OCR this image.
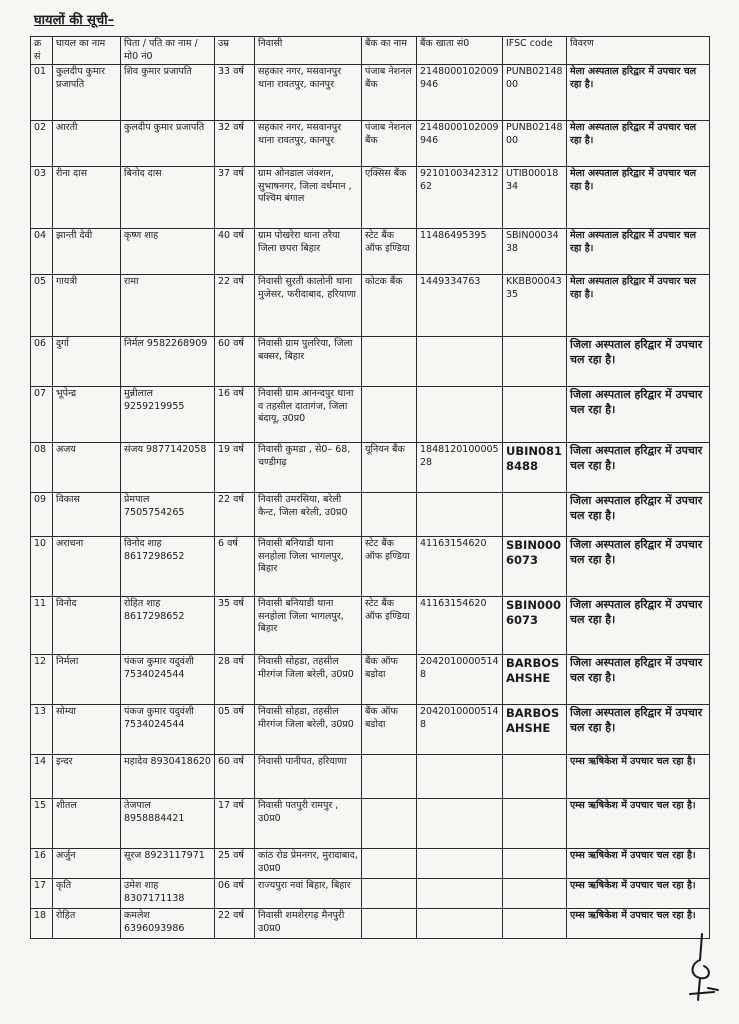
घायलों की सूची–
क्र सं	घायल का नाम	पिता / पति का नाम / मो0 नं0	उम्र	निवासी	बैंक का नाम	बैंक खाता सं0	IFSC code	विवरण
01	कुलदीप कुमार प्रजापति	शिव कुमार प्रजापति	33 वर्ष	सहकार नगर, मसवानपुर थाना रावतपुर, कानपुर	पंजाब नेशनल बैंक	2148000102009946	PUNB0214800	मेला अस्पताल हरिद्वार में उपचार चल रहा है।
02	आरती	कुलदीप कुमार प्रजापति	32 वर्ष	सहकार नगर, मसवानपुर थाना रावतपुर, कानपुर	पंजाब नेशनल बैंक	2148000102009946	PUNB0214800	मेला अस्पताल हरिद्वार में उपचार चल रहा है।
03	रीना दास	बिनोद दास	37 वर्ष	ग्राम ओनडाल जंक्शन, सुभाषनगर, जिला वर्धमान , पश्चिम बंगाल	एक्सिस बैंक	921010034231262	UTIB0001834	मेला अस्पताल हरिद्वार में उपचार चल रहा है।
04	झान्ती देवी	कृष्ण शाह	40 वर्ष	ग्राम पोखरेरा थाना तरैया जिला छपरा बिहार	स्टेट बैंक ऑफ इण्डिया	11486495395	SBIN0003438	मेला अस्पताल हरिद्वार में उपचार चल रहा है।
05	गायत्री	रामा	22 वर्ष	निवासी सुरती कालोनी थाना मुजेसर, फरीदाबाद, हरियाणा	कोटक बैंक	1449334763	KKBB0004335	मेला अस्पताल हरिद्वार में उपचार चल रहा है।
06	दुर्गा	निर्मल 9582268909	60 वर्ष	निवासी ग्राम पुलरिया, जिला बक्सर, बिहार				जिला अस्पताल हरिद्वार में उपचार चल रहा है।
07	भूपेन्द्र	मुन्नीलाल 9259219955	16 वर्ष	निवासी ग्राम आनन्दपुर थाना व तहसील दातागंज, जिला बंदायू, उ0प्र0				जिला अस्पताल हरिद्वार में उपचार चल रहा है।
08	अजय	संजय 9877142058	19 वर्ष	निवासी कुमडा , से0– 68, चण्डीगढ़	यूनियन बैंक	184812010000528	UBIN0818488	जिला अस्पताल हरिद्वार में उपचार चल रहा है।
09	विकास	प्रेमपाल 7505754265	22 वर्ष	निवासी उमरसिया, बरेली कैन्ट, जिला बरेली, उ0प्र0				जिला अस्पताल हरिद्वार में उपचार चल रहा है।
10	अराधना	विनोद शाह 8617298652	6 वर्ष	निवासी बनियाडी थाना सनहोला जिला भागलपुर, बिहार	स्टेट बैंक ऑफ इण्डिया	41163154620	SBIN0006073	जिला अस्पताल हरिद्वार में उपचार चल रहा है।
11	विनोद	रोहित शाह 8617298652	35 वर्ष	निवासी बनियाडी थाना सनहोला जिला भागलपुर, बिहार	स्टेट बैंक ऑफ इण्डिया	41163154620	SBIN0006073	जिला अस्पताल हरिद्वार में उपचार चल रहा है।
12	निर्मला	पंकज कुमार यदुवंशी 7534024544	28 वर्ष	निवासी सोहडा, तहसील मीरगंज जिला बरेली, उ0प्र0	बैंक ऑफ बडोदा	20420100005148	BARBOSAHSHE	जिला अस्पताल हरिद्वार में उपचार चल रहा है।
13	सोम्या	पंकज कुमार यदुवंशी 7534024544	05 वर्ष	निवासी सोहडा, तहसील मीरगंज जिला बरेली, उ0प्र0	बैंक ऑफ बडोदा	20420100005148	BARBOSAHSHE	जिला अस्पताल हरिद्वार में उपचार चल रहा है।
14	इन्दर	महादेव 8930418620	60 वर्ष	निवासी पानीपत, हरियाणा				एम्स ऋषिकेश में उपचार चल रहा है।
15	शीतल	तेजपाल 8958884421	17 वर्ष	निवासी पतपुरी रामपुर , उ0प्र0				एम्स ऋषिकेश में उपचार चल रहा है।
16	अर्जुन	सूरज 8923117971	25 वर्ष	कांठ रोड प्रेमनगर, मुरादाबाद, उ0प्र0				एम्स ऋषिकेश में उपचार चल रहा है।
17	कृति	उमेश शाह 8307171138	06 वर्ष	राज्यपुरा नवां बिहार, बिहार				एम्स ऋषिकेश में उपचार चल रहा है।
18	रोहित	कमलेश 6396093986	22 वर्ष	निवासी शमशेरगढ़ मैनपुरी उ0प्र0				एम्स ऋषिकेश में उपचार चल रहा है।
